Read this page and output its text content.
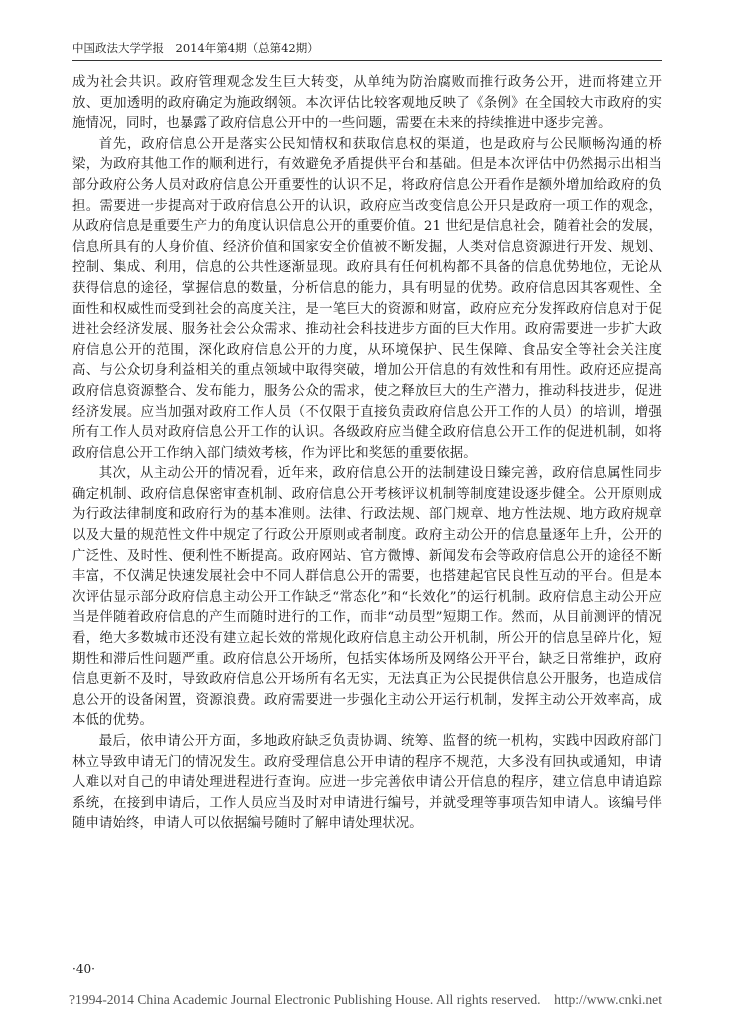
中国政法大学学报　2014年第4期（总第42期）

成为社会共识。政府管理观念发生巨大转变，从单纯为防治腐败而推行政务公开，进而将建立开放、更加透明的政府确定为施政纲领。本次评估比较客观地反映了《条例》在全国较大市政府的实施情况，同时，也暴露了政府信息公开中的一些问题，需要在未来的持续推进中逐步完善。

首先，政府信息公开是落实公民知情权和获取信息权的渠道，也是政府与公民顺畅沟通的桥梁，为政府其他工作的顺利进行，有效避免矛盾提供平台和基础。但是本次评估中仍然揭示出相当部分政府公务人员对政府信息公开重要性的认识不足，将政府信息公开看作是额外增加给政府的负担。需要进一步提高对于政府信息公开的认识，政府应当改变信息公开只是政府一项工作的观念，从政府信息是重要生产力的角度认识信息公开的重要价值。21 世纪是信息社会，随着社会的发展，信息所具有的人身价值、经济价值和国家安全价值被不断发掘，人类对信息资源进行开发、规划、控制、集成、利用，信息的公共性逐渐显现。政府具有任何机构都不具备的信息优势地位，无论从获得信息的途径，掌握信息的数量，分析信息的能力，具有明显的优势。政府信息因其客观性、全面性和权威性而受到社会的高度关注，是一笔巨大的资源和财富，政府应充分发挥政府信息对于促进社会经济发展、服务社会公众需求、推动社会科技进步方面的巨大作用。政府需要进一步扩大政府信息公开的范围，深化政府信息公开的力度，从环境保护、民生保障、食品安全等社会关注度高、与公众切身利益相关的重点领域中取得突破，增加公开信息的有效性和有用性。政府还应提高政府信息资源整合、发布能力，服务公众的需求，使之释放巨大的生产潜力，推动科技进步，促进经济发展。应当加强对政府工作人员（不仅限于直接负责政府信息公开工作的人员）的培训，增强所有工作人员对政府信息公开工作的认识。各级政府应当健全政府信息公开工作的促进机制，如将政府信息公开工作纳入部门绩效考核，作为评比和奖惩的重要依据。

其次，从主动公开的情况看，近年来，政府信息公开的法制建设日臻完善，政府信息属性同步确定机制、政府信息保密审查机制、政府信息公开考核评议机制等制度建设逐步健全。公开原则成为行政法律制度和政府行为的基本准则。法律、行政法规、部门规章、地方性法规、地方政府规章以及大量的规范性文件中规定了行政公开原则或者制度。政府主动公开的信息量逐年上升，公开的广泛性、及时性、便利性不断提高。政府网站、官方微博、新闻发布会等政府信息公开的途径不断丰富，不仅满足快速发展社会中不同人群信息公开的需要，也搭建起官民良性互动的平台。但是本次评估显示部分政府信息主动公开工作缺乏“常态化”和“长效化”的运行机制。政府信息主动公开应当是伴随着政府信息的产生而随时进行的工作，而非“动员型”短期工作。然而，从目前测评的情况看，绝大多数城市还没有建立起长效的常规化政府信息主动公开机制，所公开的信息呈碎片化，短期性和滞后性问题严重。政府信息公开场所，包括实体场所及网络公开平台，缺乏日常维护，政府信息更新不及时，导致政府信息公开场所有名无实，无法真正为公民提供信息公开服务，也造成信息公开的设备闲置，资源浪费。政府需要进一步强化主动公开运行机制，发挥主动公开效率高，成本低的优势。

最后，依申请公开方面，多地政府缺乏负责协调、统筹、监督的统一机构，实践中因政府部门林立导致申请无门的情况发生。政府受理信息公开申请的程序不规范，大多没有回执或通知，申请人难以对自己的申请处理进程进行查询。应进一步完善依申请公开信息的程序，建立信息申请追踪系统，在接到申请后，工作人员应当及时对申请进行编号，并就受理等事项告知申请人。该编号伴随申请始终，申请人可以依据编号随时了解申请处理状况。

·40·
?1994-2014 China Academic Journal Electronic Publishing House. All rights reserved.　http://www.cnki.net
